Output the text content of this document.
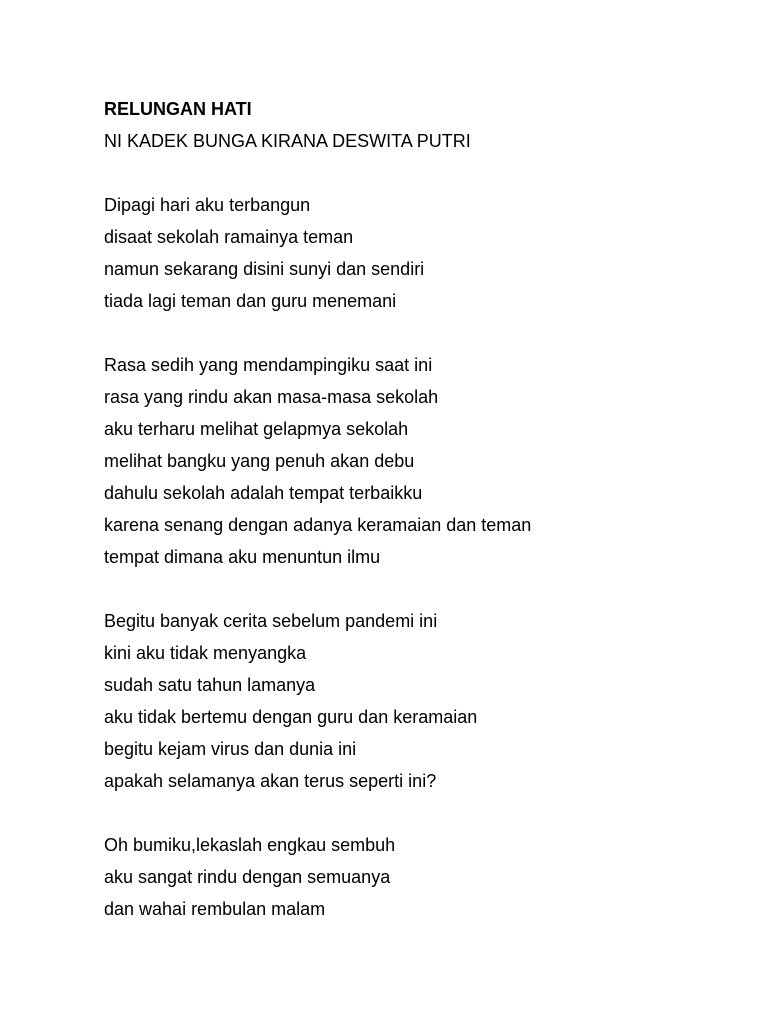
RELUNGAN HATI
NI KADEK BUNGA KIRANA DESWITA PUTRI
Dipagi hari aku terbangun
disaat sekolah ramainya teman
namun sekarang disini sunyi dan sendiri
tiada lagi teman dan guru menemani
Rasa sedih yang mendampingiku saat ini
rasa yang rindu akan masa-masa sekolah
aku terharu melihat gelapmya sekolah
melihat bangku yang penuh akan debu
dahulu sekolah adalah tempat terbaikku
karena senang dengan adanya keramaian dan teman
tempat dimana aku menuntun ilmu
Begitu banyak cerita sebelum pandemi ini
kini aku tidak menyangka
sudah satu tahun lamanya
aku tidak bertemu dengan guru dan keramaian
begitu kejam virus dan dunia ini
apakah selamanya akan terus seperti ini?
Oh bumiku,lekaslah engkau sembuh
aku sangat rindu dengan semuanya
dan wahai rembulan malam
